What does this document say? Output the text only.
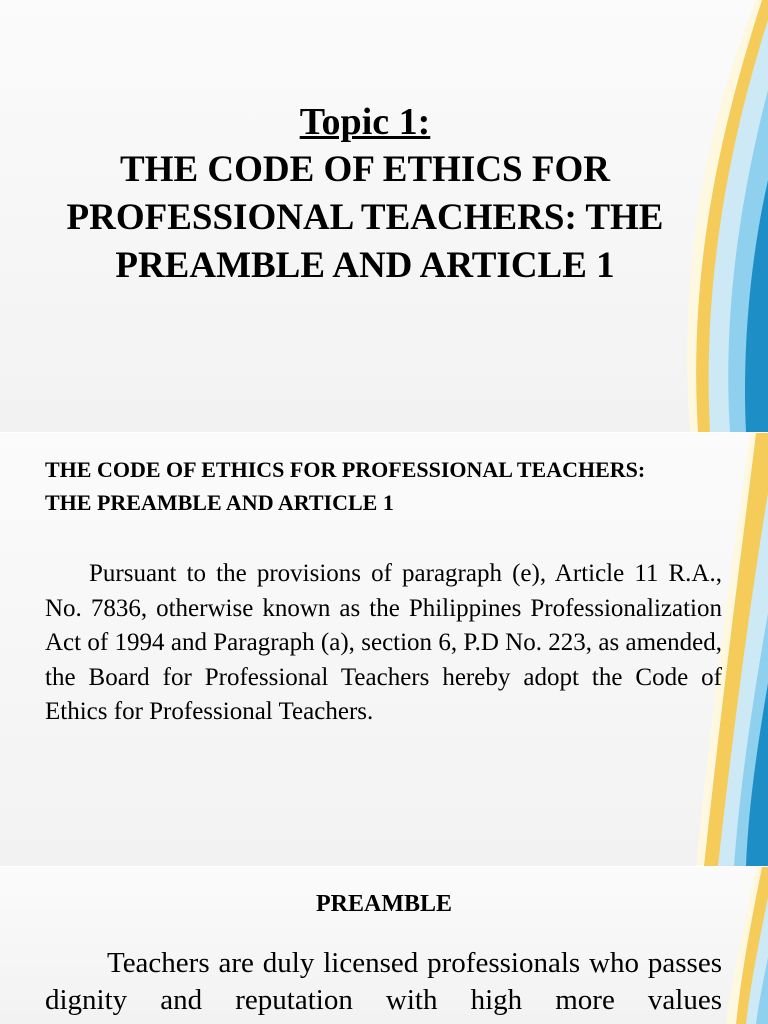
Topic 1:
THE CODE OF ETHICS FOR PROFESSIONAL TEACHERS: THE PREAMBLE AND ARTICLE 1
THE CODE OF ETHICS FOR PROFESSIONAL TEACHERS: THE PREAMBLE AND ARTICLE 1
Pursuant to the provisions of paragraph (e), Article 11 R.A., No. 7836, otherwise known as the Philippines Professionalization Act of 1994 and Paragraph (a), section 6, P.D No. 223, as amended, the Board for Professional Teachers hereby adopt the Code of Ethics for Professional Teachers.
PREAMBLE
Teachers are duly licensed professionals who passes dignity and reputation with high more values
